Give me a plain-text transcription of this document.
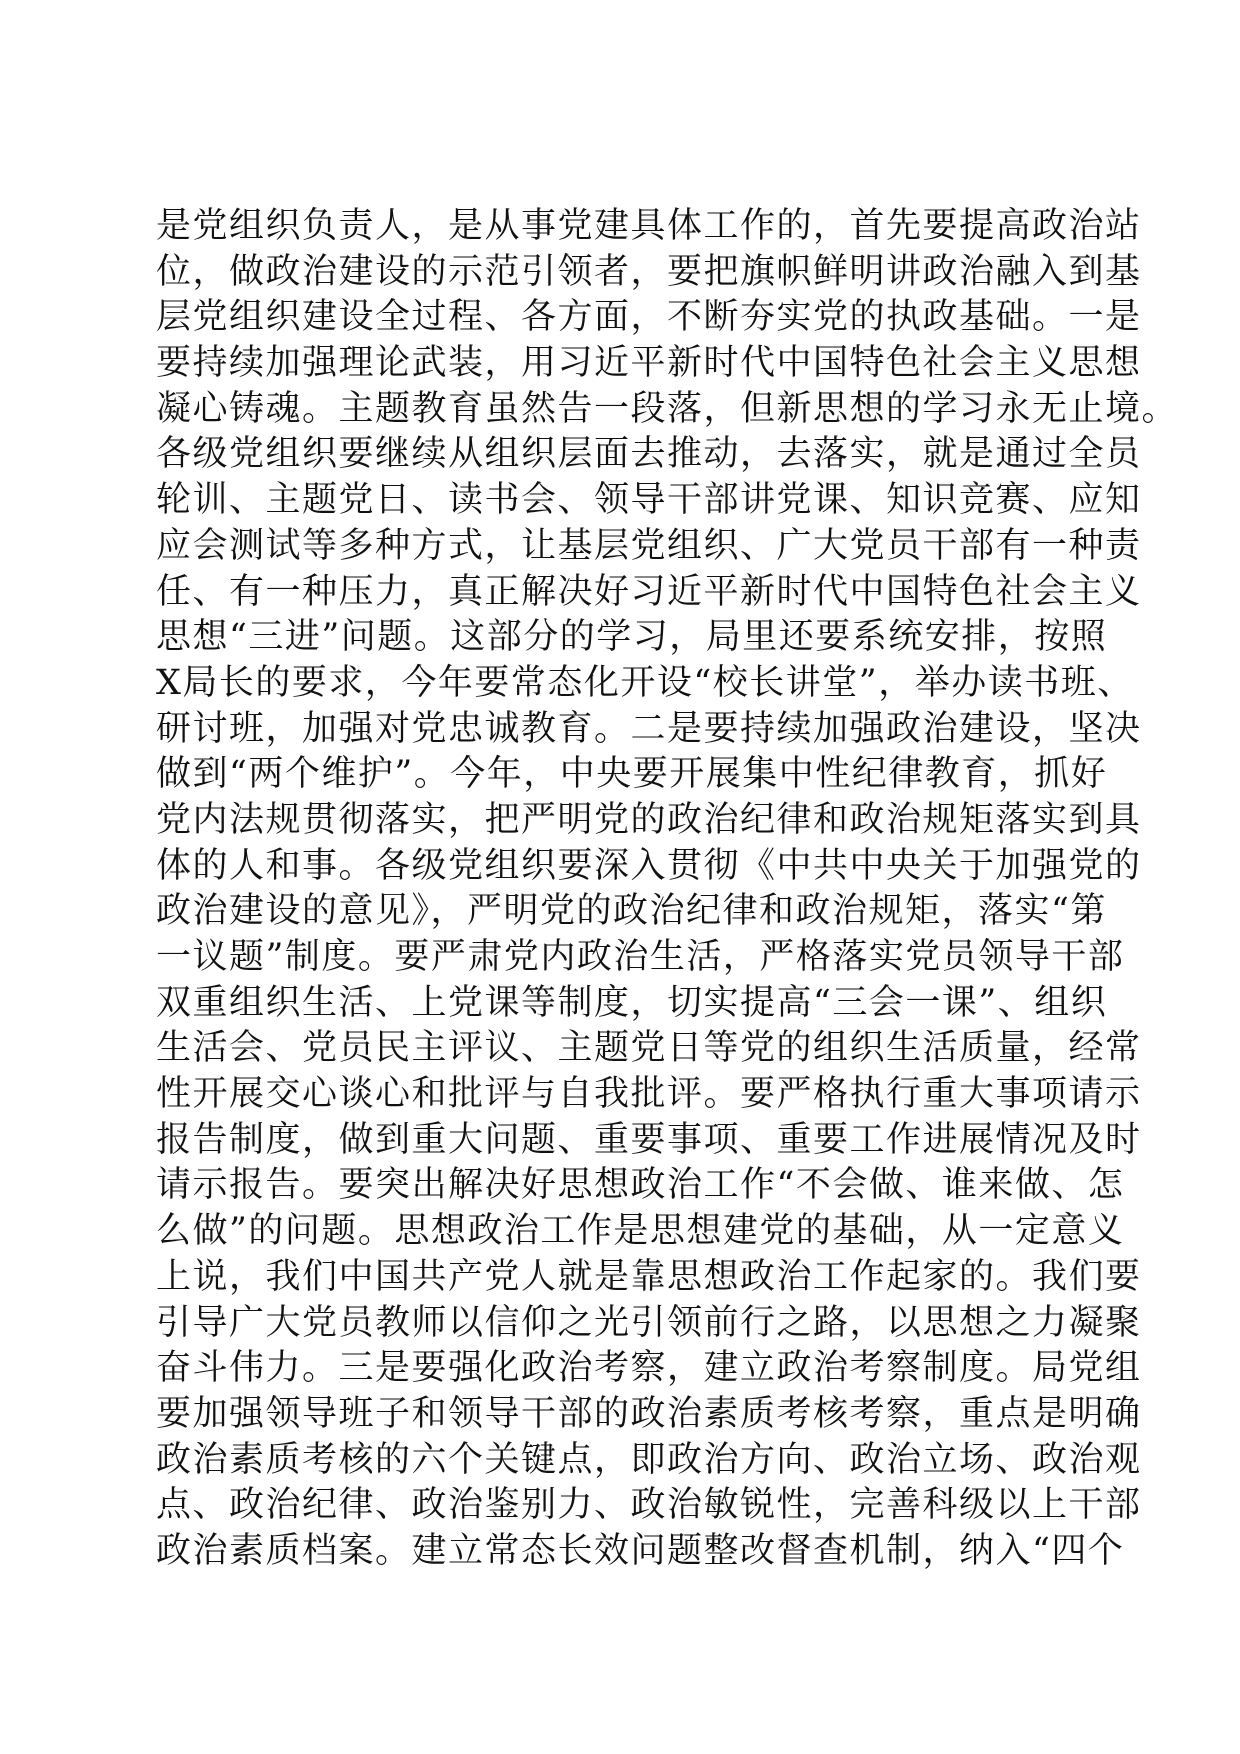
是党组织负责人，是从事党建具体工作的，首先要提高政治站
位，做政治建设的示范引领者，要把旗帜鲜明讲政治融入到基
层党组织建设全过程、各方面，不断夯实党的执政基础。一是
要持续加强理论武装，用习近平新时代中国特色社会主义思想
凝心铸魂。主题教育虽然告一段落，但新思想的学习永无止境。
各级党组织要继续从组织层面去推动，去落实，就是通过全员
轮训、主题党日、读书会、领导干部讲党课、知识竞赛、应知
应会测试等多种方式，让基层党组织、广大党员干部有一种责
任、有一种压力，真正解决好习近平新时代中国特色社会主义
思想“三进”问题。这部分的学习，局里还要系统安排，按照
X局长的要求，今年要常态化开设“校长讲堂”，举办读书班、
研讨班，加强对党忠诚教育。二是要持续加强政治建设，坚决
做到“两个维护”。今年，中央要开展集中性纪律教育，抓好
党内法规贯彻落实，把严明党的政治纪律和政治规矩落实到具
体的人和事。各级党组织要深入贯彻《中共中央关于加强党的
政治建设的意见》，严明党的政治纪律和政治规矩，落实“第
一议题”制度。要严肃党内政治生活，严格落实党员领导干部
双重组织生活、上党课等制度，切实提高“三会一课”、组织
生活会、党员民主评议、主题党日等党的组织生活质量，经常
性开展交心谈心和批评与自我批评。要严格执行重大事项请示
报告制度，做到重大问题、重要事项、重要工作进展情况及时
请示报告。要突出解决好思想政治工作“不会做、谁来做、怎
么做”的问题。思想政治工作是思想建党的基础，从一定意义
上说，我们中国共产党人就是靠思想政治工作起家的。我们要
引导广大党员教师以信仰之光引领前行之路，以思想之力凝聚
奋斗伟力。三是要强化政治考察，建立政治考察制度。局党组
要加强领导班子和领导干部的政治素质考核考察，重点是明确
政治素质考核的六个关键点，即政治方向、政治立场、政治观
点、政治纪律、政治鉴别力、政治敏锐性，完善科级以上干部
政治素质档案。建立常态长效问题整改督查机制，纳入“四个
